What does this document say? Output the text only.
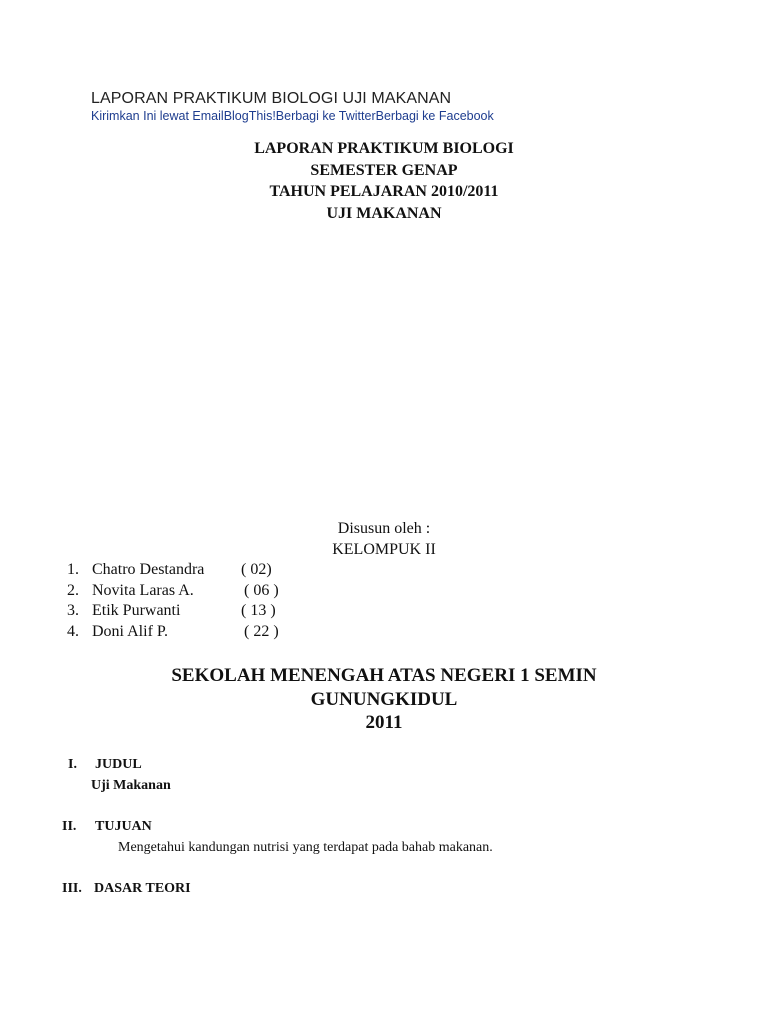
LAPORAN PRAKTIKUM BIOLOGI UJI MAKANAN
Kirimkan Ini lewat EmailBlogThis!Berbagi ke TwitterBerbagi ke Facebook
LAPORAN PRAKTIKUM BIOLOGI
SEMESTER GENAP
TAHUN PELAJARAN 2010/2011
UJI MAKANAN
Disusun oleh :
KELOMPUK II
1. Chatro Destandra ( 02)
2. Novita Laras A.	( 06 )
3. Etik Purwanti	( 13 )
4. Doni Alif P.	( 22 )
SEKOLAH MENENGAH ATAS NEGERI 1 SEMIN
GUNUNGKIDUL
2011
I. JUDUL
Uji Makanan
II. TUJUAN
Mengetahui kandungan nutrisi yang terdapat pada bahab makanan.
III. DASAR TEORI
